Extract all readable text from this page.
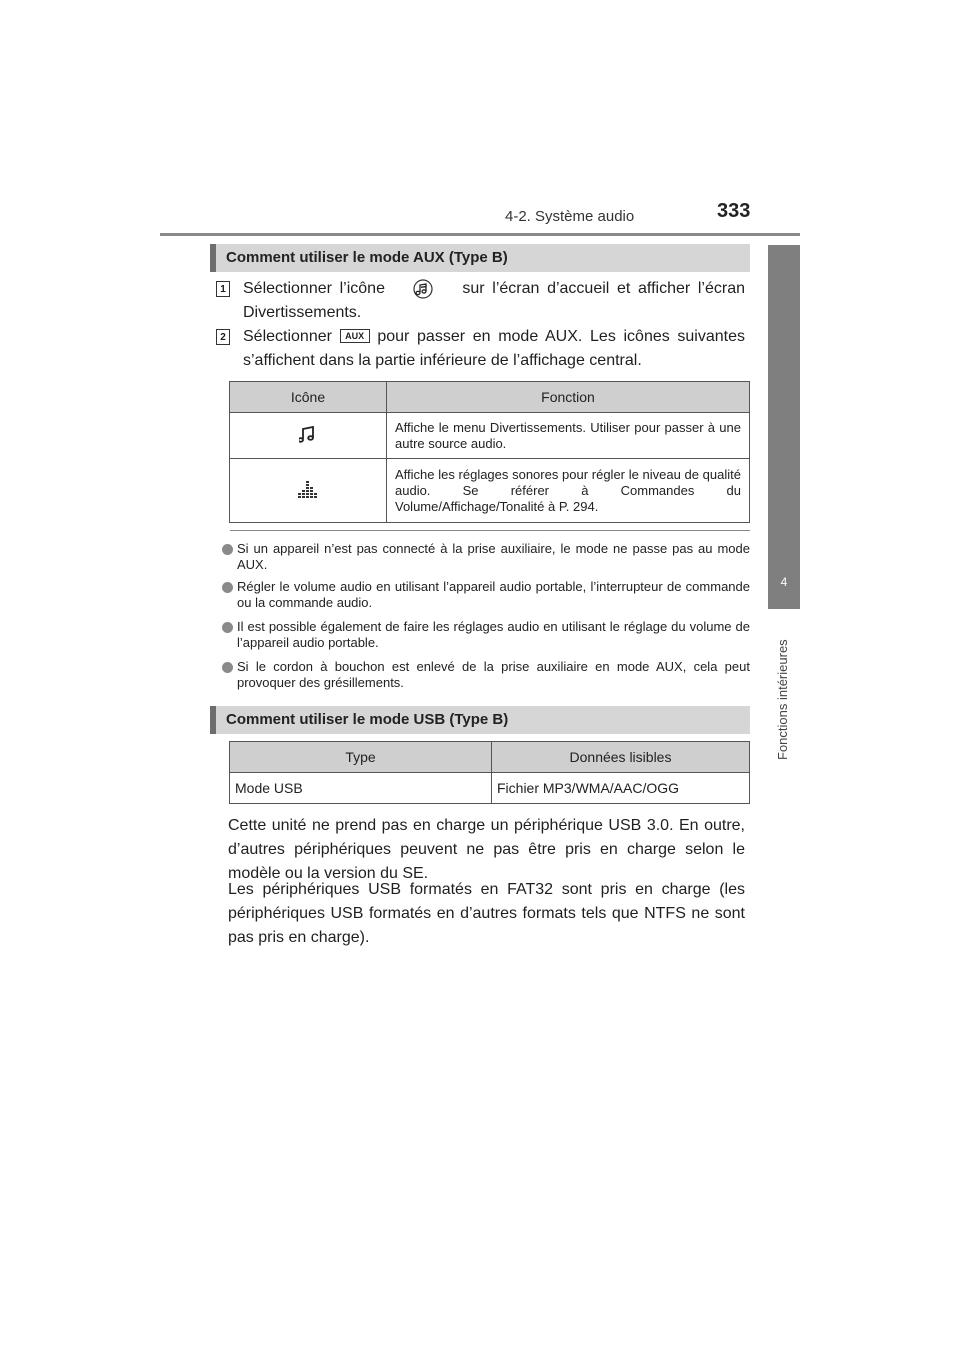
4-2. Système audio	333
4
Fonctions intérieures
Comment utiliser le mode AUX (Type B)
1 Sélectionner l’icône	sur l’écran d’accueil et afficher l’écran Divertissements.
2 Sélectionner AUX pour passer en mode AUX. Les icônes suivantes s’affichent dans la partie inférieure de l’affichage central.
Icône	Fonction
	Affiche le menu Divertissements. Utiliser pour passer à une autre source audio.
	Affiche les réglages sonores pour régler le niveau de qualité audio. Se référer à Commandes du Volume/Affichage/Tonalité à P. 294.
Si un appareil n’est pas connecté à la prise auxiliaire, le mode ne passe pas au mode AUX.
Régler le volume audio en utilisant l’appareil audio portable, l’interrupteur de commande ou la commande audio.
Il est possible également de faire les réglages audio en utilisant le réglage du volume de l’appareil audio portable.
Si le cordon à bouchon est enlevé de la prise auxiliaire en mode AUX, cela peut provoquer des grésillements.
Comment utiliser le mode USB (Type B)
Type	Données lisibles
Mode USB	Fichier MP3/WMA/AAC/OGG
Cette unité ne prend pas en charge un périphérique USB 3.0. En outre, d’autres périphériques peuvent ne pas être pris en charge selon le modèle ou la version du SE.
Les périphériques USB formatés en FAT32 sont pris en charge (les périphériques USB formatés en d’autres formats tels que NTFS ne sont pas pris en charge).
